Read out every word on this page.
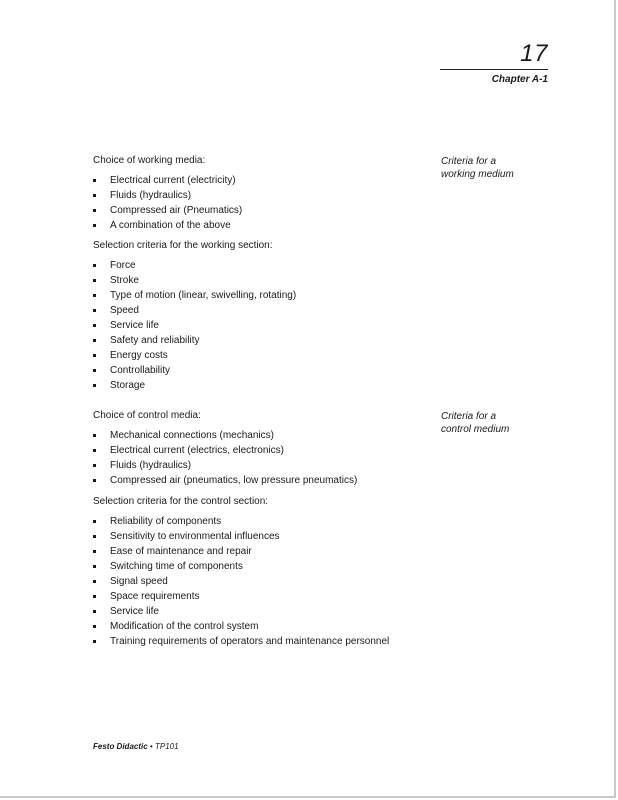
17
Chapter A-1

Choice of working media:

Electrical current (electricity)
Fluids (hydraulics)
Compressed air (Pneumatics)
A combination of the above

Selection criteria for the working section:

Force
Stroke
Type of motion (linear, swivelling, rotating)
Speed
Service life
Safety and reliability
Energy costs
Controllability
Storage

Choice of control media:

Mechanical connections (mechanics)
Electrical current (electrics, electronics)
Fluids (hydraulics)
Compressed air (pneumatics, low pressure pneumatics)

Selection criteria for the control section:

Reliability of components
Sensitivity to environmental influences
Ease of maintenance and repair
Switching time of components
Signal speed
Space requirements
Service life
Modification of the control system
Training requirements of operators and maintenance personnel
Criteria for a
working medium
Criteria for a
control medium
Festo Didactic • TP101
